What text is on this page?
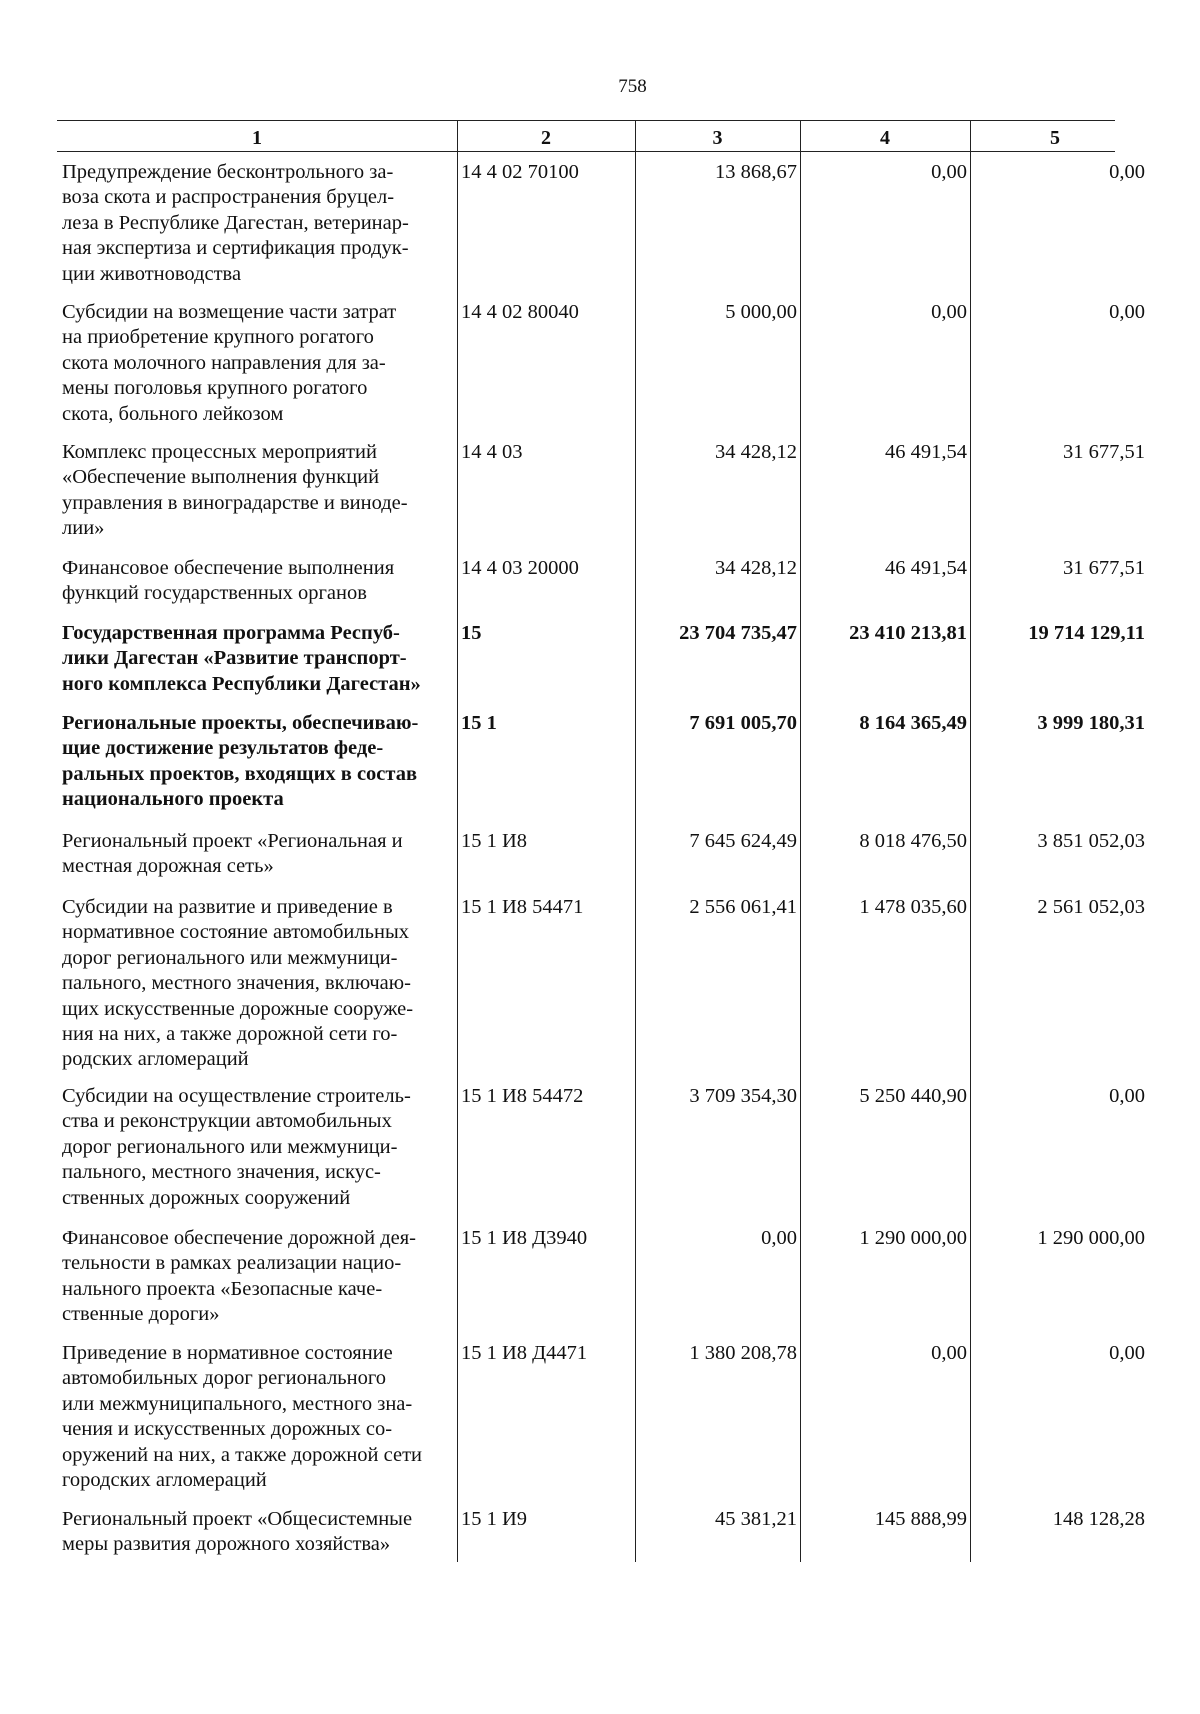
758
1	2	3	4	5
Предупреждение бесконтрольного за-
воза скота и распространения бруцел-
леза в Республике Дагестан, ветеринар-
ная экспертиза и сертификация продук-
ции животноводства
14 4 02 70100	13 868,67	0,00	0,00
Субсидии на возмещение части затрат
на приобретение крупного рогатого
скота молочного направления для за-
мены поголовья крупного рогатого
скота, больного лейкозом
14 4 02 80040	5 000,00	0,00	0,00
Комплекс процессных мероприятий
«Обеспечение выполнения функций
управления в виноградарстве и виноде-
лии»
14 4 03	34 428,12	46 491,54	31 677,51
Финансовое обеспечение выполнения
функций государственных органов
14 4 03 20000	34 428,12	46 491,54	31 677,51
Государственная программа Респуб-
лики Дагестан «Развитие транспорт-
ного комплекса Республики Дагестан»
15	23 704 735,47	23 410 213,81	19 714 129,11
Региональные проекты, обеспечиваю-
щие достижение результатов феде-
ральных проектов, входящих в состав
национального проекта
15 1	7 691 005,70	8 164 365,49	3 999 180,31
Региональный проект «Региональная и
местная дорожная сеть»
15 1 И8	7 645 624,49	8 018 476,50	3 851 052,03
Субсидии на развитие и приведение в
нормативное состояние автомобильных
дорог регионального или межмуници-
пального, местного значения, включаю-
щих искусственные дорожные сооруже-
ния на них, а также дорожной сети го-
родских агломераций
15 1 И8 54471	2 556 061,41	1 478 035,60	2 561 052,03
Субсидии на осуществление строитель-
ства и реконструкции автомобильных
дорог регионального или межмуници-
пального, местного значения, искус-
ственных дорожных сооружений
15 1 И8 54472	3 709 354,30	5 250 440,90	0,00
Финансовое обеспечение дорожной дея-
тельности в рамках реализации нацио-
нального проекта «Безопасные каче-
ственные дороги»
15 1 И8 Д3940	0,00	1 290 000,00	1 290 000,00
Приведение в нормативное состояние
автомобильных дорог регионального
или межмуниципального, местного зна-
чения и искусственных дорожных со-
оружений на них, а также дорожной сети
городских агломераций
15 1 И8 Д4471	1 380 208,78	0,00	0,00
Региональный проект «Общесистемные
меры развития дорожного хозяйства»
15 1 И9	45 381,21	145 888,99	148 128,28
